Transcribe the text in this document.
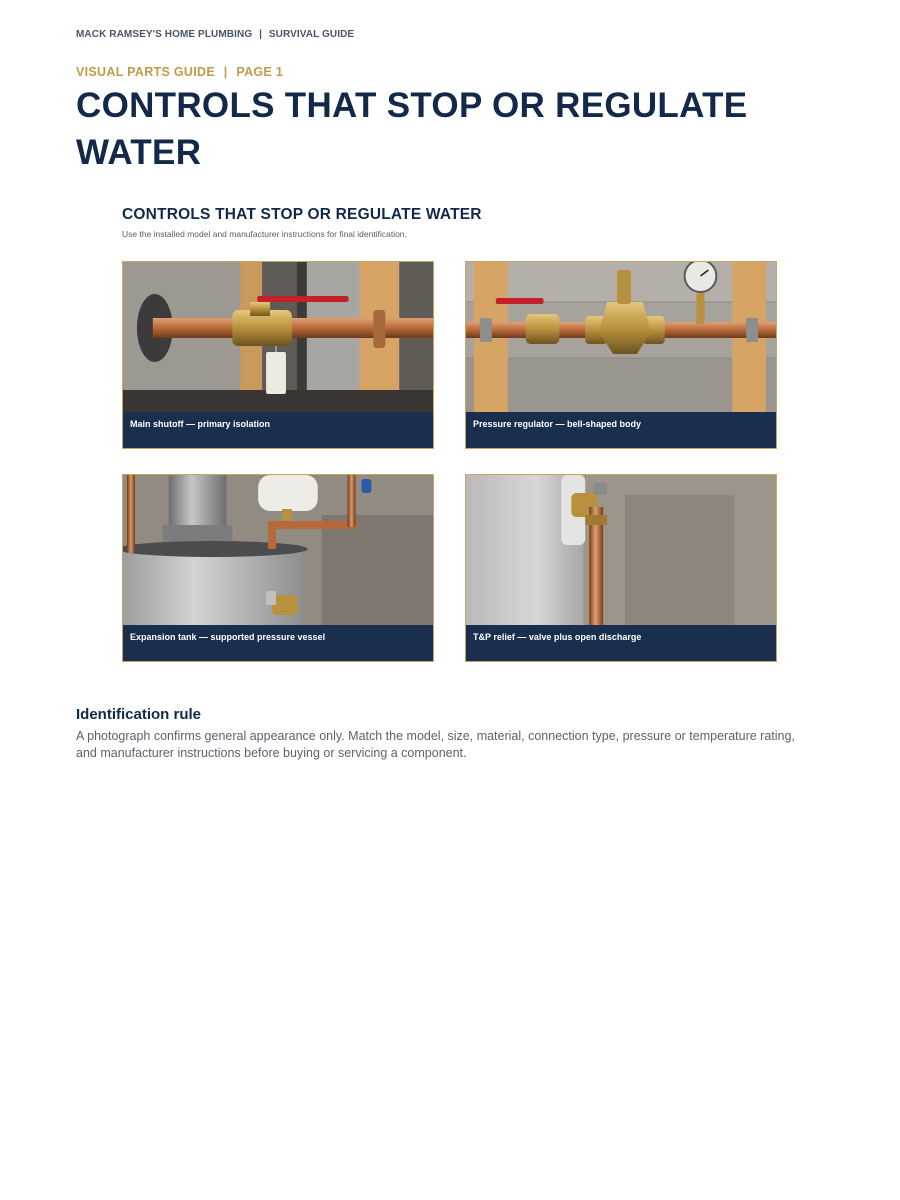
MACK RAMSEY'S HOME PLUMBING | SURVIVAL GUIDE
VISUAL PARTS GUIDE | PAGE 1
CONTROLS THAT STOP OR REGULATE WATER
CONTROLS THAT STOP OR REGULATE WATER
Use the installed model and manufacturer instructions for final identification.
Main shutoff — primary isolation	Pressure regulator — bell-shaped body
Expansion tank — supported pressure vessel	T&P relief — valve plus open discharge
Identification rule

A photograph confirms general appearance only. Match the model, size, material, connection type, pressure or temperature rating, and manufacturer instructions before buying or servicing a component.
